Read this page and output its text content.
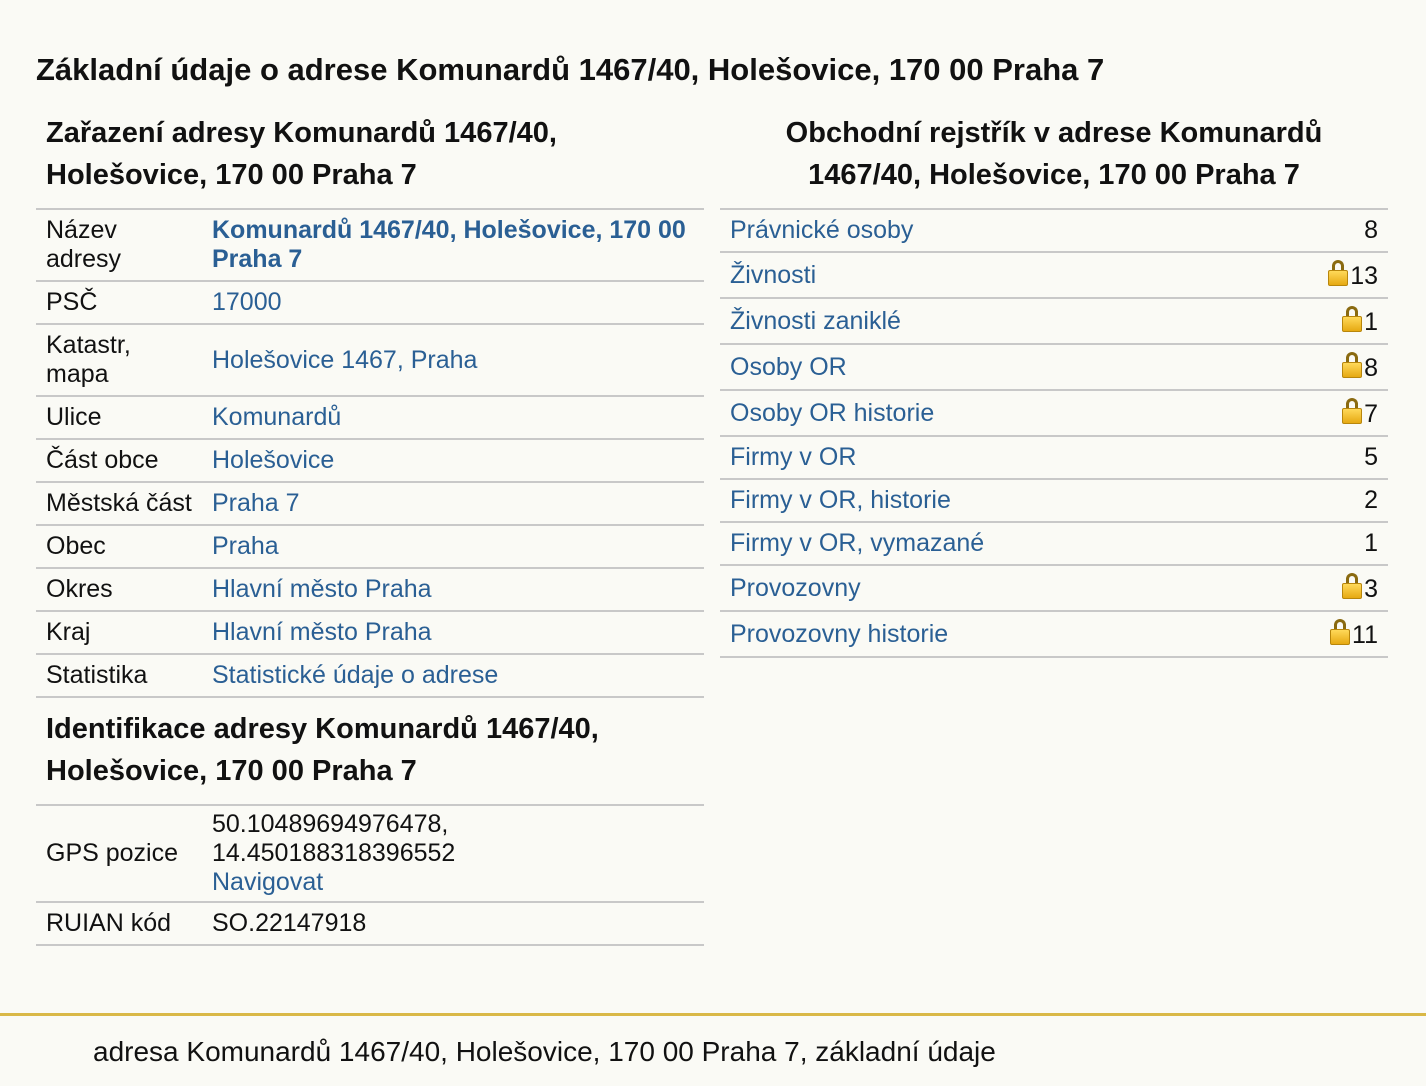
Základní údaje o adrese Komunardů 1467/40, Holešovice, 170 00 Praha 7
Zařazení adresy Komunardů 1467/40, Holešovice, 170 00 Praha 7
Název adresy	Komunardů 1467/40, Holešovice, 170 00 Praha 7
PSČ	17000
Katastr, mapa	Holešovice 1467, Praha
Ulice	Komunardů
Část obce	Holešovice
Městská část	Praha 7
Obec	Praha
Okres	Hlavní město Praha
Kraj	Hlavní město Praha
Statistika	Statistické údaje o adrese
Identifikace adresy Komunardů 1467/40, Holešovice, 170 00 Praha 7
GPS pozice	50.10489694976478,
14.450188318396552
Navigovat
RUIAN kód	SO.22147918
Obchodní rejstřík v adrese Komunardů 1467/40, Holešovice, 170 00 Praha 7
Právnické osoby	8
Živnosti	13
Živnosti zaniklé	1
Osoby OR	8
Osoby OR historie	7
Firmy v OR	5
Firmy v OR, historie	2
Firmy v OR, vymazané	1
Provozovny	3
Provozovny historie	11
adresa Komunardů 1467/40, Holešovice, 170 00 Praha 7, základní údaje
